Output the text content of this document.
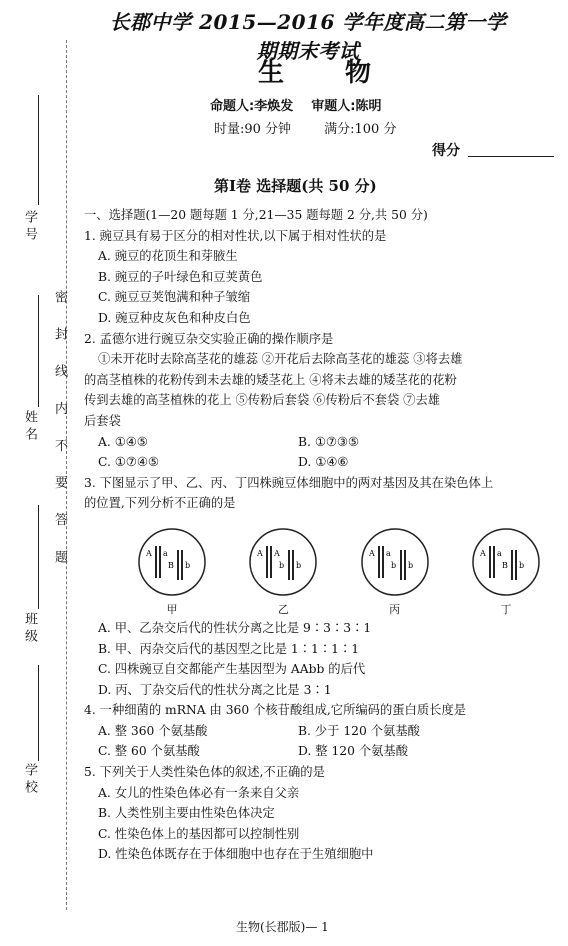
学 号
姓 名
班 级
学 校
密 封 线 内 不 要 答 题
长郡中学 2015—2016 学年度高二第一学期期末考试
生 物
命题人:李焕发    审题人:陈明
时量:90 分钟        满分:100 分
得分
第Ⅰ卷 选择题(共 50 分)

一、选择题(1—20 题每题 1 分,21—35 题每题 2 分,共 50 分)

1. 豌豆具有易于区分的相对性状,以下属于相对性状的是

A. 豌豆的花顶生和芽腋生

B. 豌豆的子叶绿色和豆荚黄色

C. 豌豆豆荚饱满和种子皱缩

D. 豌豆种皮灰色和种皮白色

2. 孟德尔进行豌豆杂交实验正确的操作顺序是

①未开花时去除高茎花的雄蕊 ②开花后去除高茎花的雄蕊 ③将去雄

的高茎植株的花粉传到未去雄的矮茎花上 ④将未去雄的矮茎花的花粉

传到去雄的高茎植株的花上 ⑤传粉后套袋 ⑥传粉后不套袋 ⑦去雄

后套袋

A. ①④⑤	B. ①⑦③⑤
C. ①⑦④⑤	D. ①④⑥

3. 下图显示了甲、乙、丙、丁四株豌豆体细胞中的两对基因及其在染色体上

的位置,下列分析不正确的是

A a
B b
甲
A A
b b
乙
A a
b b
丙
A a
B b
丁

A. 甲、乙杂交后代的性状分离之比是 9∶3∶3∶1

B. 甲、丙杂交后代的基因型之比是 1∶1∶1∶1

C. 四株豌豆自交都能产生基因型为 AAbb 的后代

D. 丙、丁杂交后代的性状分离之比是 3∶1

4. 一种细菌的 mRNA 由 360 个核苷酸组成,它所编码的蛋白质长度是

A. 整 360 个氨基酸	B. 少于 120 个氨基酸
C. 整 60 个氨基酸	D. 整 120 个氨基酸

5. 下列关于人类性染色体的叙述,不正确的是

A. 女儿的性染色体必有一条来自父亲

B. 人类性别主要由性染色体决定

C. 性染色体上的基因都可以控制性别

D. 性染色体既存在于体细胞中也存在于生殖细胞中

生物(长郡版)— 1
